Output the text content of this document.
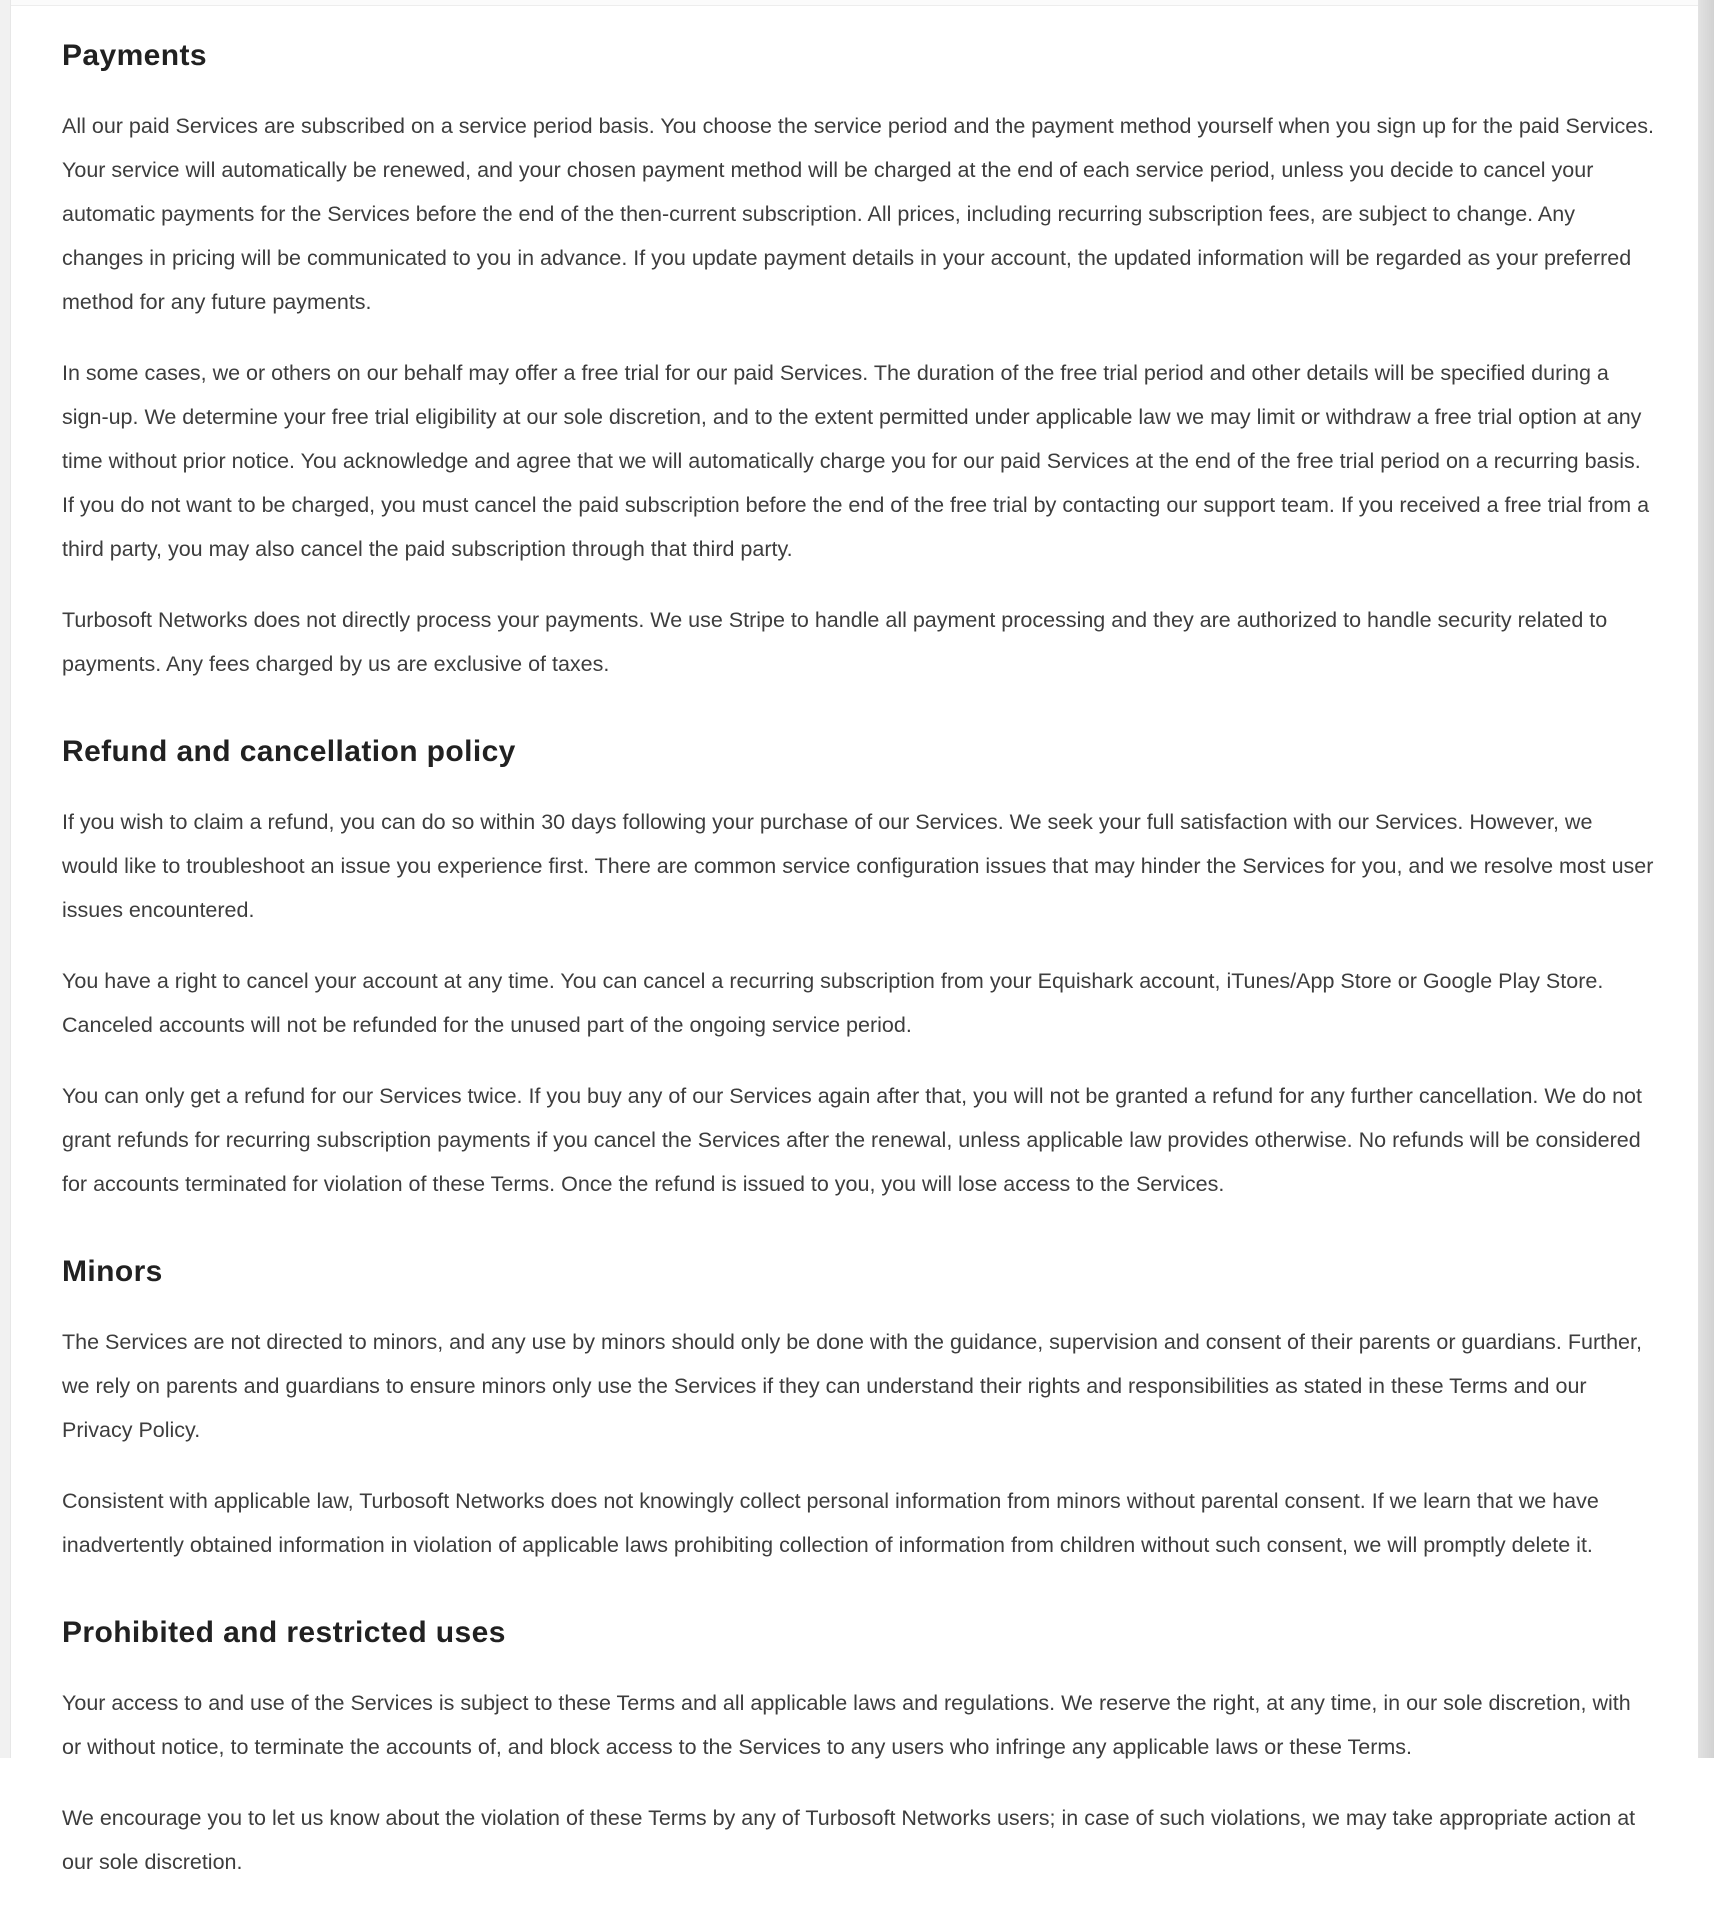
Payments

All our paid Services are subscribed on a service period basis. You choose the service period and the payment method yourself when you sign up for the paid Services. Your service will automatically be renewed, and your chosen payment method will be charged at the end of each service period, unless you decide to cancel your automatic payments for the Services before the end of the then-current subscription. All prices, including recurring subscription fees, are subject to change. Any changes in pricing will be communicated to you in advance. If you update payment details in your account, the updated information will be regarded as your preferred method for any future payments.

In some cases, we or others on our behalf may offer a free trial for our paid Services. The duration of the free trial period and other details will be specified during a sign-up. We determine your free trial eligibility at our sole discretion, and to the extent permitted under applicable law we may limit or withdraw a free trial option at any time without prior notice. You acknowledge and agree that we will automatically charge you for our paid Services at the end of the free trial period on a recurring basis. If you do not want to be charged, you must cancel the paid subscription before the end of the free trial by contacting our support team. If you received a free trial from a third party, you may also cancel the paid subscription through that third party.

Turbosoft Networks does not directly process your payments. We use Stripe to handle all payment processing and they are authorized to handle security related to payments. Any fees charged by us are exclusive of taxes.

Refund and cancellation policy

If you wish to claim a refund, you can do so within 30 days following your purchase of our Services. We seek your full satisfaction with our Services. However, we would like to troubleshoot an issue you experience first. There are common service configuration issues that may hinder the Services for you, and we resolve most user issues encountered.

You have a right to cancel your account at any time. You can cancel a recurring subscription from your Equishark account, iTunes/App Store or Google Play Store. Canceled accounts will not be refunded for the unused part of the ongoing service period.

You can only get a refund for our Services twice. If you buy any of our Services again after that, you will not be granted a refund for any further cancellation. We do not grant refunds for recurring subscription payments if you cancel the Services after the renewal, unless applicable law provides otherwise. No refunds will be considered for accounts terminated for violation of these Terms. Once the refund is issued to you, you will lose access to the Services.

Minors

The Services are not directed to minors, and any use by minors should only be done with the guidance, supervision and consent of their parents or guardians. Further, we rely on parents and guardians to ensure minors only use the Services if they can understand their rights and responsibilities as stated in these Terms and our Privacy Policy.

Consistent with applicable law, Turbosoft Networks does not knowingly collect personal information from minors without parental consent. If we learn that we have inadvertently obtained information in violation of applicable laws prohibiting collection of information from children without such consent, we will promptly delete it.

Prohibited and restricted uses

Your access to and use of the Services is subject to these Terms and all applicable laws and regulations. We reserve the right, at any time, in our sole discretion, with or without notice, to terminate the accounts of, and block access to the Services to any users who infringe any applicable laws or these Terms.

We encourage you to let us know about the violation of these Terms by any of Turbosoft Networks users; in case of such violations, we may take appropriate action at our sole discretion.
